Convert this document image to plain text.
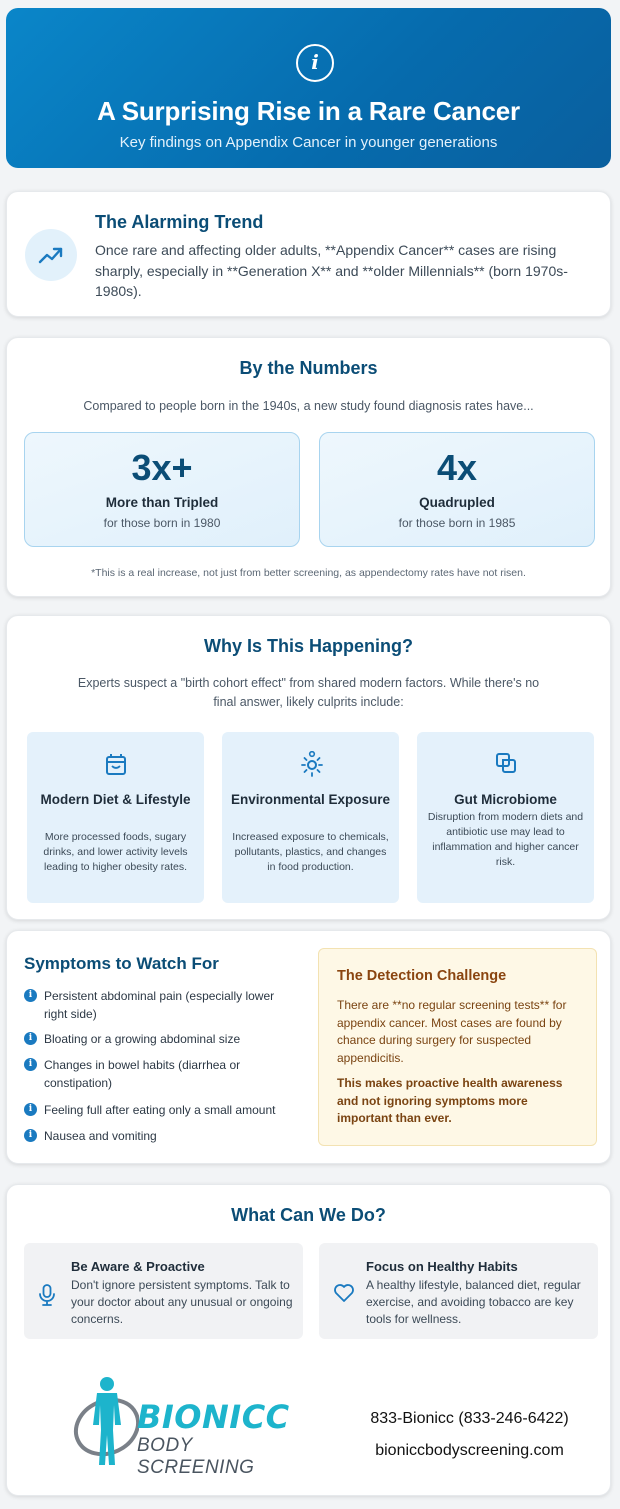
i
A Surprising Rise in a Rare Cancer

Key findings on Appendix Cancer in younger generations

The Alarming Trend

Once rare and affecting older adults, **Appendix Cancer** cases are rising sharply, especially in **Generation X** and **older Millennials** (born 1970s-1980s).

By the Numbers
Compared to people born in the 1940s, a new study found diagnosis rates have...
3x+
More than Tripled
for those born in 1980
4x
Quadrupled
for those born in 1985
*This is a real increase, not just from better screening, as appendectomy rates have not risen.
Why Is This Happening?
Experts suspect a "birth cohort effect" from shared modern factors. While there's no final answer, likely culprits include:
Modern Diet & Lifestyle

More processed foods, sugary drinks, and lower activity levels leading to higher obesity rates.

Environmental Exposure

Increased exposure to chemicals, pollutants, plastics, and changes in food production.

Gut Microbiome

Disruption from modern diets and antibiotic use may lead to inflammation and higher cancer risk.

Symptoms to Watch For
i Persistent abdominal pain (especially lower right side)
i Bloating or a growing abdominal size
i Changes in bowel habits (diarrhea or constipation)
i Feeling full after eating only a small amount
i Nausea and vomiting
The Detection Challenge

There are **no regular screening tests** for appendix cancer. Most cases are found by chance during surgery for suspected appendicitis.

This makes proactive health awareness and not ignoring symptoms more important than ever.

What Can We Do?
Be Aware & Proactive

Don't ignore persistent symptoms. Talk to your doctor about any unusual or ongoing concerns.

Focus on Healthy Habits

A healthy lifestyle, balanced diet, regular exercise, and avoiding tobacco are key tools for wellness.

BIONICC
BODY SCREENING
833-Bionicc (833-246-6422)
bioniccbodyscreening.com
